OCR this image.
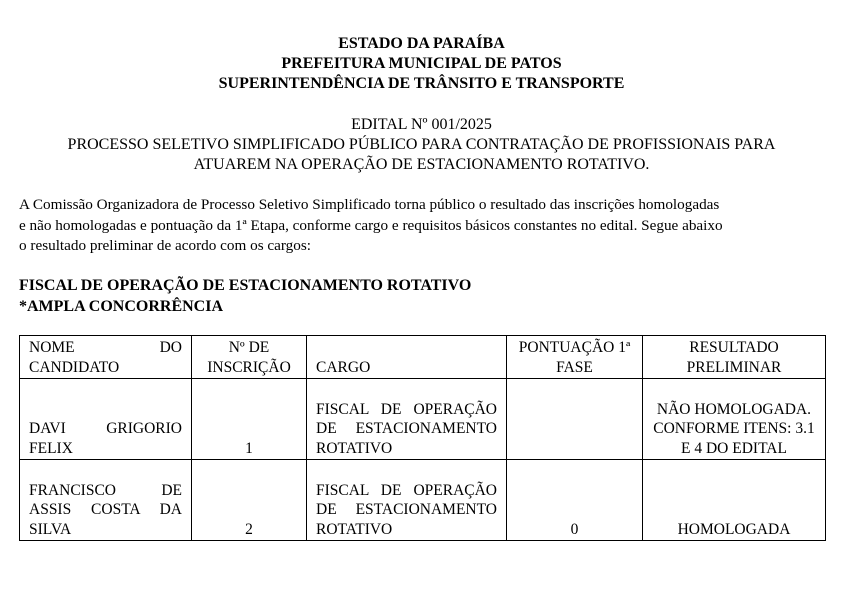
ESTADO DA PARAÍBA
PREFEITURA MUNICIPAL DE PATOS
SUPERINTENDÊNCIA DE TRÂNSITO E TRANSPORTE
EDITAL Nº 001/2025
PROCESSO SELETIVO SIMPLIFICADO PÚBLICO PARA CONTRATAÇÃO DE PROFISSIONAIS PARA
ATUAREM NA OPERAÇÃO DE ESTACIONAMENTO ROTATIVO.
A Comissão Organizadora de Processo Seletivo Simplificado torna público o resultado das inscrições homologadas
e não homologadas e pontuação da 1ª Etapa, conforme cargo e requisitos básicos constantes no edital. Segue abaixo
o resultado preliminar de acordo com os cargos:
FISCAL DE OPERAÇÃO DE ESTACIONAMENTO ROTATIVO
*AMPLA CONCORRÊNCIA
NOME DO CANDIDATO	Nº DE INSCRIÇÃO	CARGO	PONTUAÇÃO 1ª FASE	RESULTADO PRELIMINAR
DAVI GRIGORIO FELIX	1	FISCAL DE OPERAÇÃO DE ESTACIONAMENTO ROTATIVO		NÃO HOMOLOGADA. CONFORME ITENS: 3.1 E 4 DO EDITAL
FRANCISCO DE ASSIS COSTA DA SILVA	2	FISCAL DE OPERAÇÃO DE ESTACIONAMENTO ROTATIVO	0	HOMOLOGADA
